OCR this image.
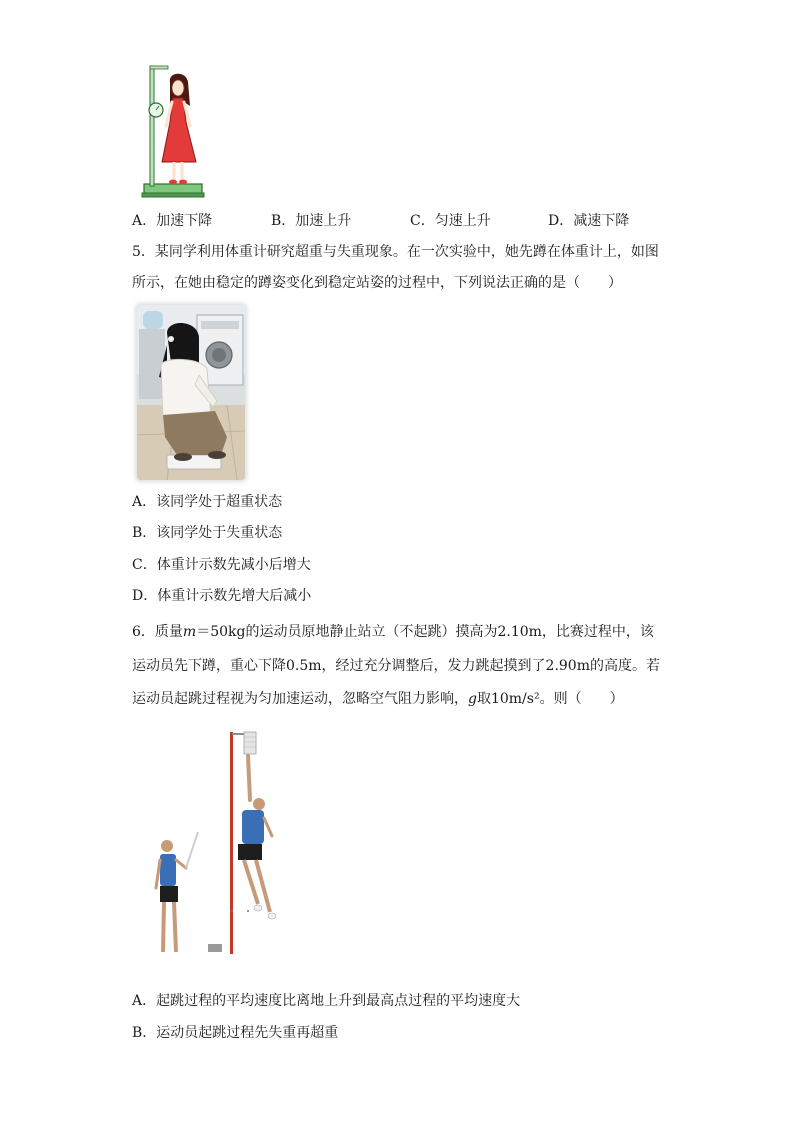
A．加速下降	B．加速上升	C．匀速上升	D．减速下降
5．某同学利用体重计研究超重与失重现象。在一次实验中，她先蹲在体重计上，如图
所示，在她由稳定的蹲姿变化到稳定站姿的过程中，下列说法正确的是（　　）
A．该同学处于超重状态
B．该同学处于失重状态
C．体重计示数先减小后增大
D．体重计示数先增大后减小
6．质量m＝50kg的运动员原地静止站立（不起跳）摸高为2.10m，比赛过程中，该
运动员先下蹲，重心下降0.5m，经过充分调整后，发力跳起摸到了2.90m的高度。若
运动员起跳过程视为匀加速运动，忽略空气阻力影响，g取10m/s²。则（　　）
A．起跳过程的平均速度比离地上升到最高点过程的平均速度大
B．运动员起跳过程先失重再超重
